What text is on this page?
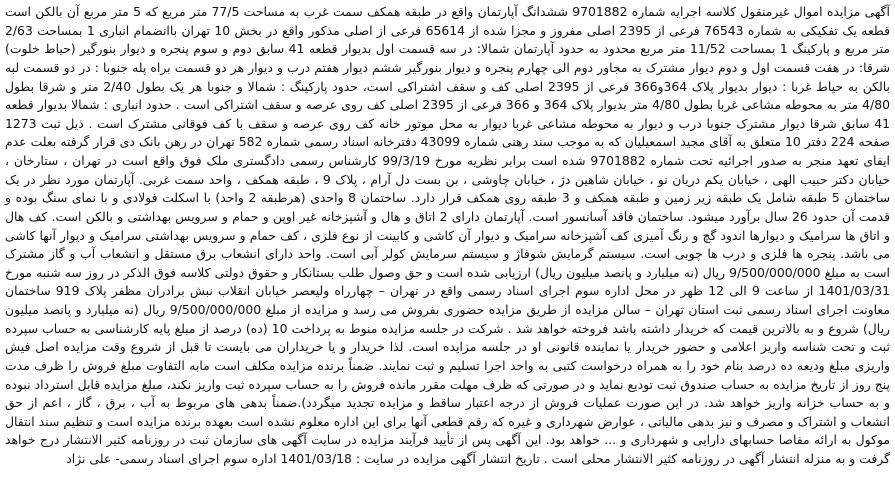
آگهی مزایده اموال غیرمنقول کلاسه اجرایه شماره 9701882 ششدانگ آپارتمان واقع در طبقه همکف سمت غرب به مساحت 77/5 متر مربع که 5 متر مربع آن بالکن است قطعه یک تفکیکی به شماره 76543 فرعی از 2395 اصلی مفروز و مجزا شده از 65614 فرعی از اصلی مذکور واقع در بخش 10 تهران باانضمام انباری 1 بمساحت 2/63 متر مربع و پارکینگ 1 بمساحت 11/52 متر مربع محدود به حدود آپارتمان شمالا: در سه قسمت اول بدیوار قطعه 41 سابق دوم و سوم پنجره و دیوار بنورگیر (حیاط خلوت) شرقا: در هفت قسمت اول و دوم دیوار مشترک به مجاور دوم الی چهارم پنجره و دیوار بنورگیر ششم دیوار هفتم درب و دیوار هر دو قسمت براه پله جنوبا : در دو قسمت لبه بالکن به حیاط غربا : دیوار بدیوار پلاک 364و366 فرعی از 2395 اصلی کف و سقف اشتراکی است، حدود پارکینگ : شمالا و جنوبا هر یک بطول 2/40 متر و شرقا بطول 4/80 متر به محوطه مشاعی غربا بطول 4/80 متر بدیوار پلاک 364 و 366 فرعی از 2395 اصلی کف روی عرصه و سقف اشتراکی است . حدود انباری : شمالا بدیوار قطعه 41 سابق شرقا دیوار مشترک جنوبا درب و دیوار به محوطه مشاعی غربا دیوار به محل موتور خانه کف روی عرصه و سقف با کف فوقانی مشترک است . ذیل ثبت 1273 صفحه 224 دفتر 10 متعلق به آقای مجید اسمعیلیان که به موجب سند رهنی شماره 43099 دفترخانه اسناد رسمی شماره 582 تهران در رهن بانک دی قرار گرفته بعلت عدم ایفای تعهد منجر به صدور اجرائیه تحت شماره 9701882 شده است برابر نظریه مورخ 99/3/19 کارشناس رسمی دادگستری ملک فوق واقع است در تهران ، ستارخان ، خیابان دکتر حبیب الهی ، خیابان یکم دریان نو ، خیابان شاهین دژ ، خیابان چاوشی ، بن بست دل آرام ، پلاک 9 ، طبقه همکف ، واحد سمت غربی. آپارتمان مورد نظر در یک ساختمان 5 طبقه شامل یک طبقه زیر زمین و طبقه همکف و 3 طبقه روی همکف قرار دارد. ساختمان 8 واحدی (هرطبقه 2 واحد) با اسکلت فولادی و با نمای سنگ بوده و قدمت آن حدود 26 سال برآورد میشود. ساختمان فاقد آسانسور است. آپارتمان دارای 2 اتاق و هال و آشپزخانه غیر اوپن و حمام و سرویس بهداشتی و بالکن است. کف هال و اتاق ها سرامیک و دیوارها اندود گچ و رنگ آمیزی کف آشپزخانه سرامیک و دیوار آن کاشی و کابینت از نوع فلزی ، کف حمام و سرویس بهداشتی سرامیک و دیوار آنها کاشی می باشد. پنجره ها فلزی و درب ها چوبی است. سیستم گرمایش شوفاژ و سیستم سرمایش کولر آبی است. واحد دارای انشعاب برق مستقل و انشعاب آب و گاز مشترک است به مبلغ 9/500/000/000 ریال (نه میلیارد و پانصد میلیون ریال) ارزیابی شده است و حق وصول طلب بستانکار و حقوق دولتی کلاسه فوق الذکر در روز سه شنبه مورخ 1401/03/31 از ساعت 9 الی 12 ظهر در محل اداره سوم اجرای اسناد رسمی واقع در تهران – چهارراه ولیعصر خیابان انقلاب نبش برادران مظفر پلاک 919 ساختمان معاونت اجرای اسناد رسمی ثبت استان تهران – سالن مزایده از طریق مزایده حضوری بفروش می رسد و مزایده از مبلغ 9/500/000/000 ریال (نه میلیارد و پانصد میلیون ریال) شروع و به بالاترین قیمت که خریدار داشته باشد فروخته خواهد شد . شرکت در جلسه مزایده منوط به پرداخت 10 (ده) درصد از مبلغ پایه کارشناسی به حساب سپرده ثبت و تحت شناسه واریز اعلامی و حضور خریدار یا نماینده قانونی او در جلسه مزایده است. لذا خریدار و یا خریداران می بایست تا قبل از شروع وقت مزایده اصل فیش واریزی مبلغ ودیعه ده درصد بنام خود را به همراه درخواست کتبی به واحد اجرا تسلیم و ثبت نمایند. ضمناً برنده مزایده مکلف است مابه التفاوت مبلغ فروش را ظرف مدت پنج روز از تاریخ مزایده به حساب صندوق ثبت تودیع نماید و در صورتی که ظرف مهلت مقرر مانده فروش را به حساب سپرده ثبت واریز نکند، مبلغ مزایده قابل استرداد نبوده و به حساب خزانه واریز خواهد شد. در این صورت عملیات فروش از درجه اعتبار ساقط و مزایده تجدید میگردد).ضمناً بدهی های مربوط به آب ، برق ، گاز ، اعم از حق انشعاب و اشتراک و مصرف و نیز بدهی مالیاتی ، عوارض شهرداری و غیره که رقم قطعی آنها برای این اداره معلوم نشده است بعهده برنده مزایده است و تنظیم سند انتقال موکول به ارائه مفاصا حسابهای دارایی و شهرداری و ... خواهد بود. این آگهی پس از تأیید فرآیند مزایده در سایت آگهی های سازمان ثبت در روزنامه کثیر الانتشار درج خواهد گرفت و به منزله انتشار آگهی در روزنامه کثیر الانتشار محلی است . تاریخ انتشار آگهی مزایده در سایت : 1401/03/18 اداره سوم اجرای اسناد رسمی- علی نژاد
